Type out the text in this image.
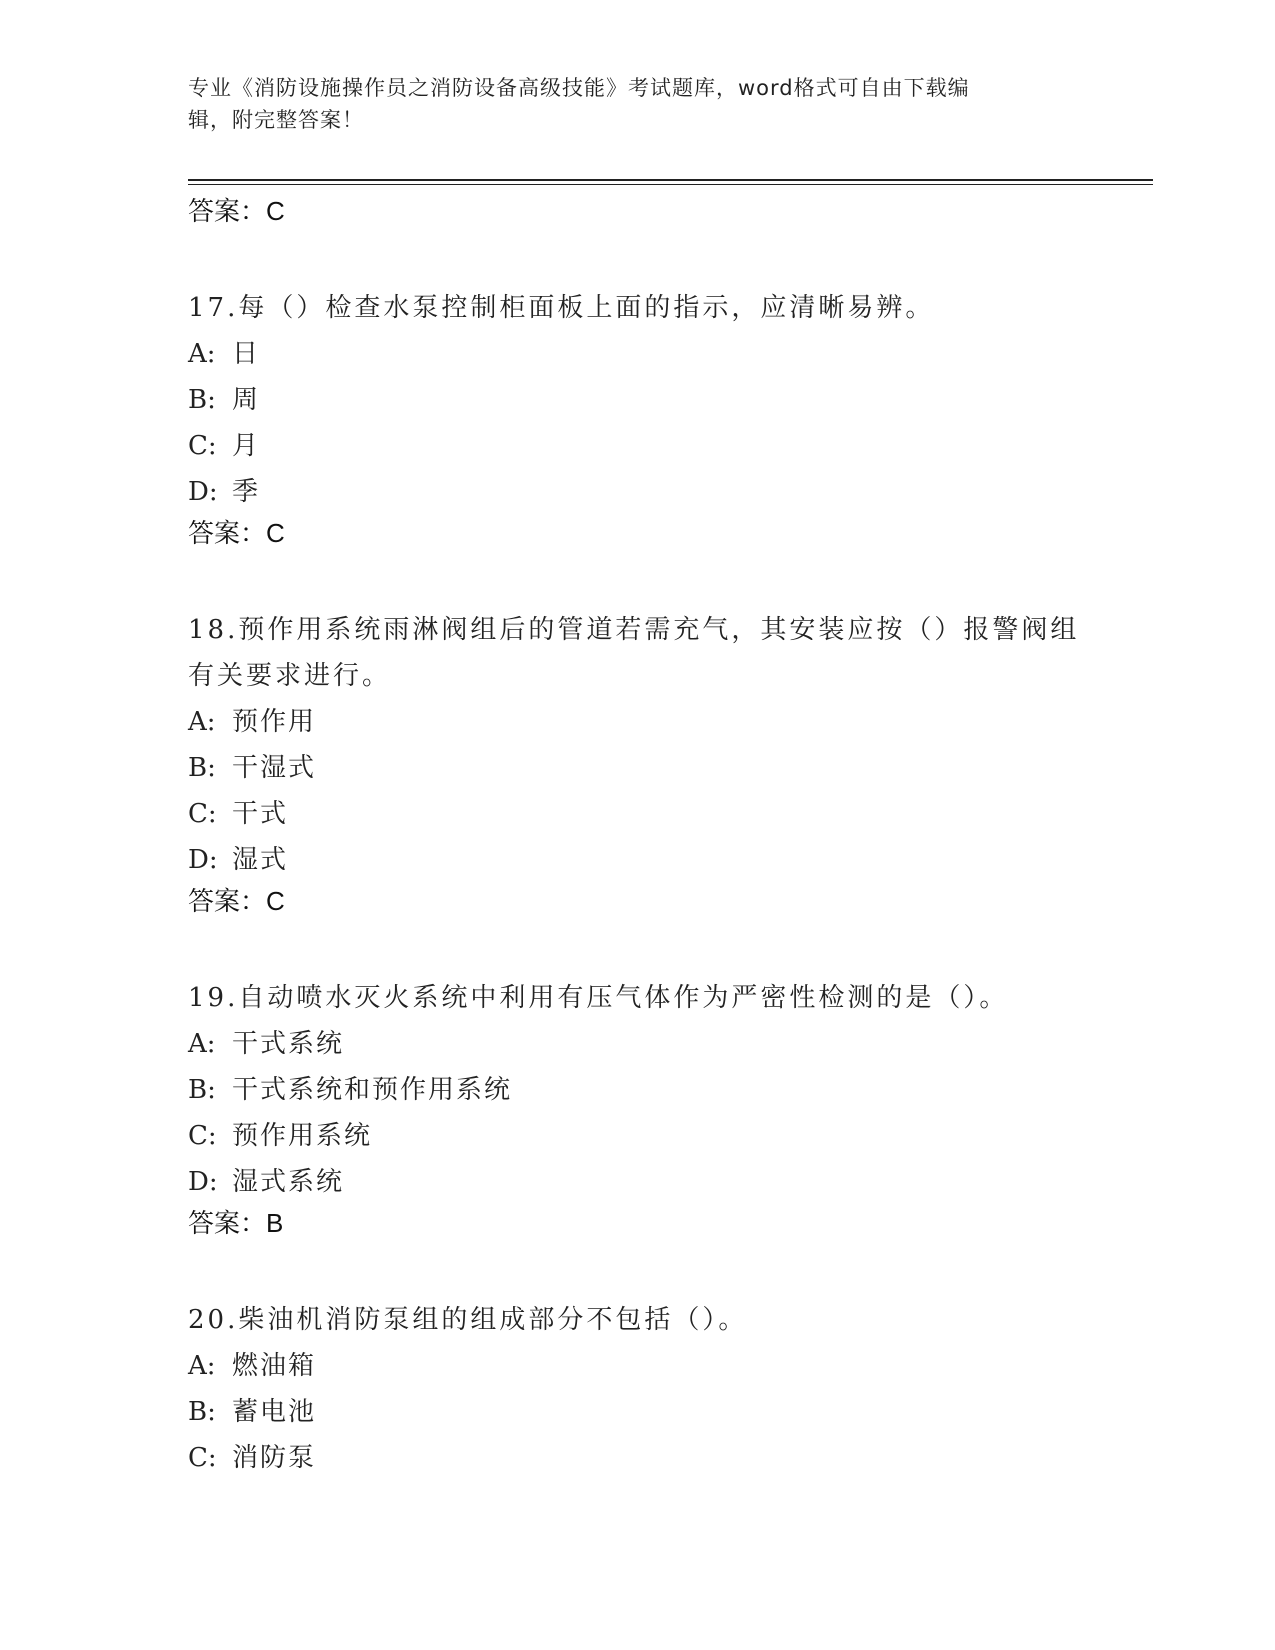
专业《消防设施操作员之消防设备高级技能》考试题库，word格式可自由下载编
辑，附完整答案！

答案：C

17.每（）检查水泵控制柜面板上面的指示，应清晰易辨。

A: 日

B: 周

C: 月

D: 季

答案：C

18.预作用系统雨淋阀组后的管道若需充气，其安装应按（）报警阀组
有关要求进行。

A: 预作用

B: 干湿式

C: 干式

D: 湿式

答案：C

19.自动喷水灭火系统中利用有压气体作为严密性检测的是（）。

A: 干式系统

B: 干式系统和预作用系统

C: 预作用系统

D: 湿式系统

答案：B

20.柴油机消防泵组的组成部分不包括（）。

A: 燃油箱

B: 蓄电池

C: 消防泵
